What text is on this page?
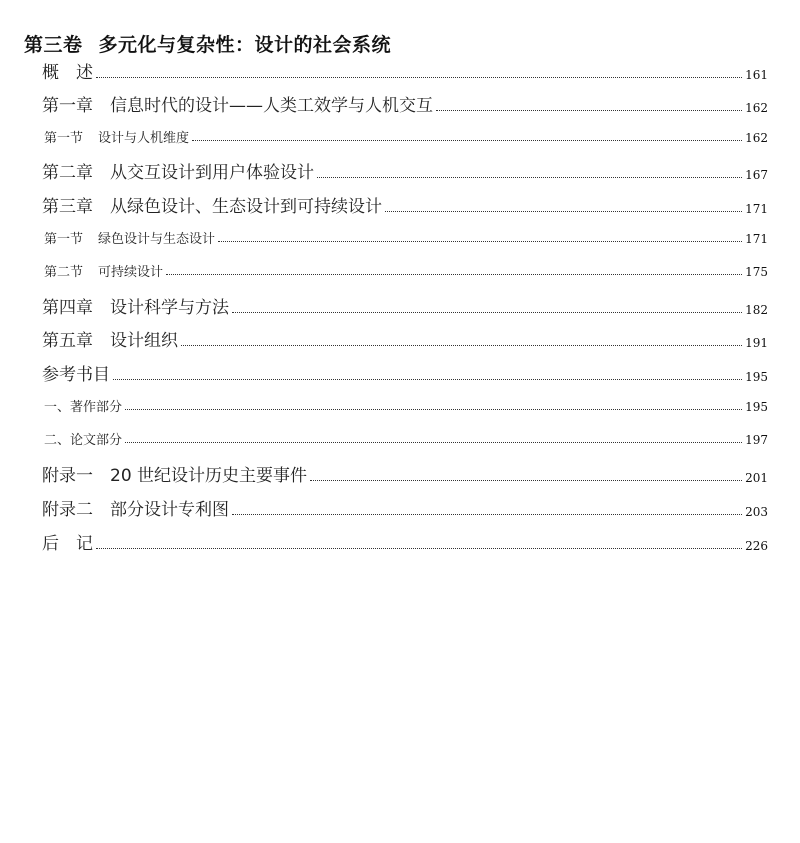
第三卷 多元化与复杂性：设计的社会系统
概　述	161
第一章 信息时代的设计——人类工效学与人机交互	162
第一节 设计与人机维度	162
第二章 从交互设计到用户体验设计	167
第三章 从绿色设计、生态设计到可持续设计	171
第一节 绿色设计与生态设计	171
第二节 可持续设计	175
第四章 设计科学与方法	182
第五章 设计组织	191
参考书目	195
一、著作部分	195
二、论文部分	197
附录一 20 世纪设计历史主要事件	201
附录二 部分设计专利图	203
后　记	226
